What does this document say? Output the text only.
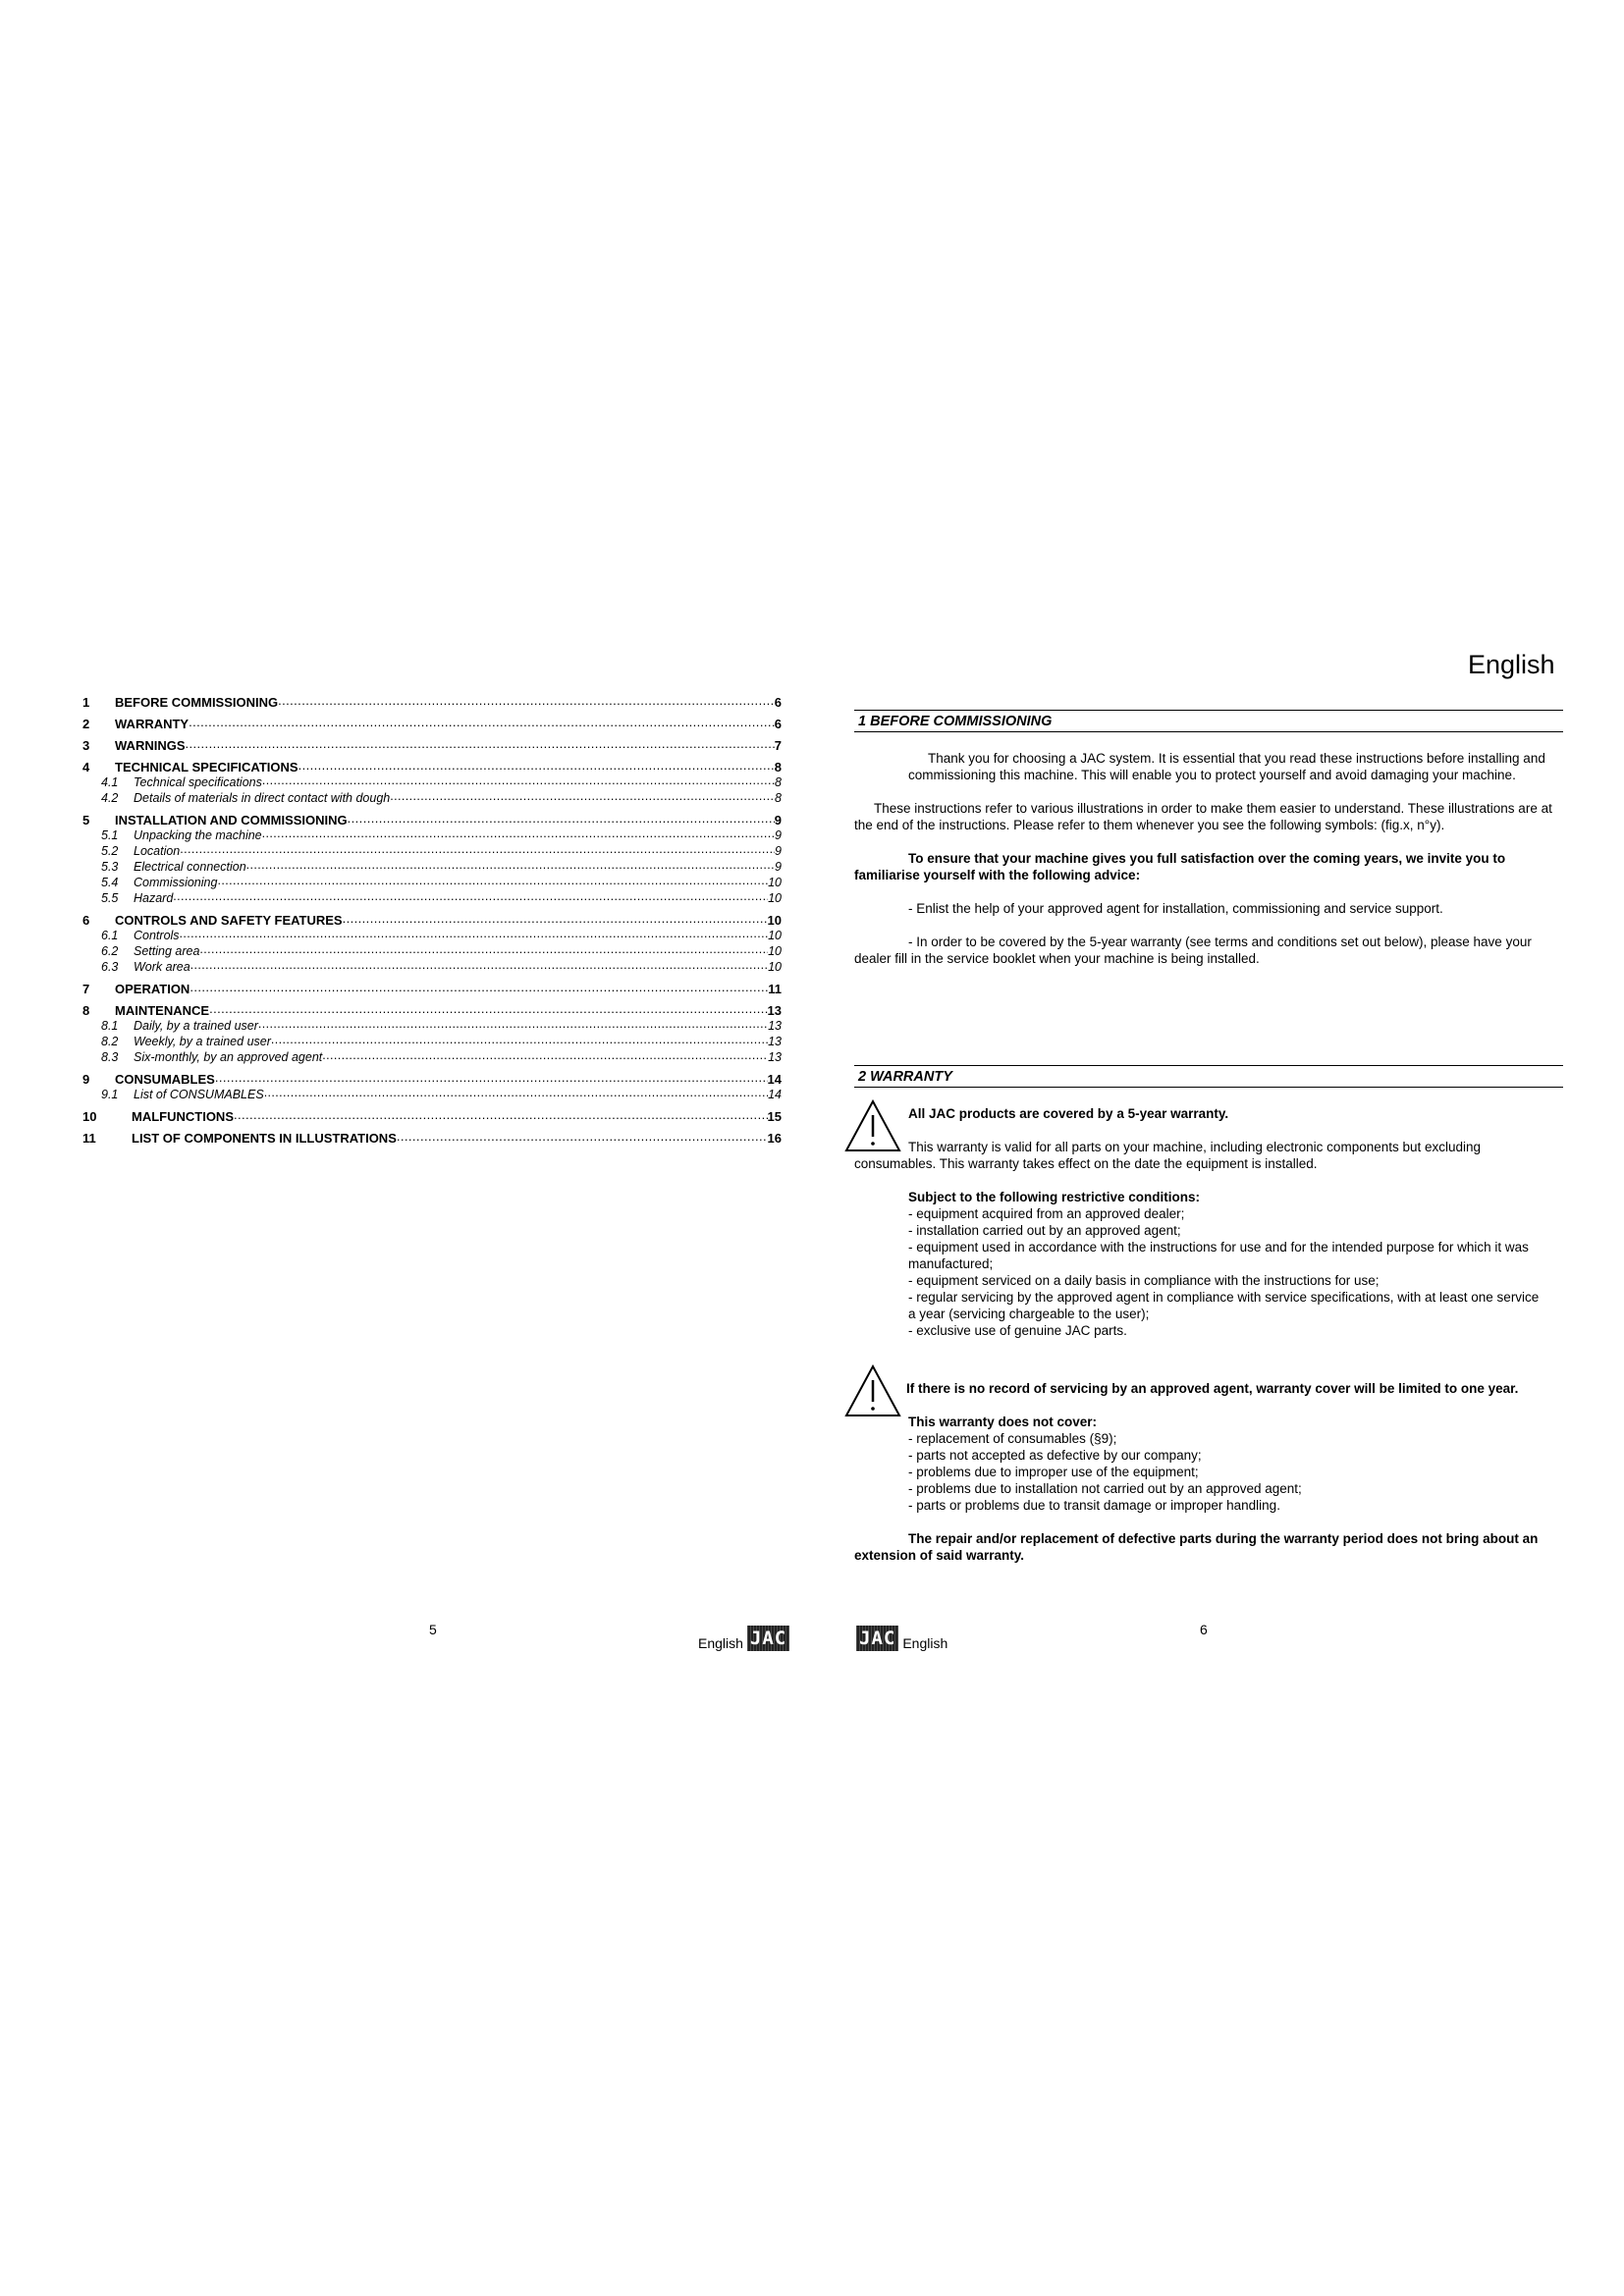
1	BEFORE COMMISSIONING .....	6
2	WARRANTY .....	6
3	WARNINGS .....	7
4	TECHNICAL SPECIFICATIONS .....	8
4.1	Technical specifications .....	8
4.2	Details of materials in direct contact with dough .....	8
5	INSTALLATION AND COMMISSIONING .....	9
5.1	Unpacking the machine .....	9
5.2	Location .....	9
5.3	Electrical connection .....	9
5.4	Commissioning .....	10
5.5	Hazard .....	10
6	CONTROLS AND SAFETY FEATURES .....	10
6.1	Controls .....	10
6.2	Setting area .....	10
6.3	Work area .....	10
7	OPERATION .....	11
8	MAINTENANCE .....	13
8.1	Daily, by a trained user .....	13
8.2	Weekly, by a trained user .....	13
8.3	Six-monthly, by an approved agent .....	13
9	CONSUMABLES .....	14
9.1	List of CONSUMABLES .....	14
10	MALFUNCTIONS .....	15
11	LIST OF COMPONENTS IN ILLUSTRATIONS .....	16
5
English JAC
English
1 BEFORE COMMISSIONING

Thank you for choosing a JAC system. It is essential that you read these instructions before installing and commissioning this machine. This will enable you to protect yourself and avoid damaging your machine.

These instructions refer to various illustrations in order to make them easier to understand. These illustrations are at the end of the instructions. Please refer to them whenever you see the following symbols: (fig.x, n°y).

To ensure that your machine gives you full satisfaction over the coming years, we invite you to familiarise yourself with the following advice:

- Enlist the help of your approved agent for installation, commissioning and service support.

- In order to be covered by the 5-year warranty (see terms and conditions set out below), please have your dealer fill in the service booklet when your machine is being installed.

2 WARRANTY

All JAC products are covered by a 5-year warranty.

This warranty is valid for all parts on your machine, including electronic components but excluding consumables. This warranty takes effect on the date the equipment is installed.

Subject to the following restrictive conditions:

- equipment acquired from an approved dealer;
- installation carried out by an approved agent;
- equipment used in accordance with the instructions for use and for the intended purpose for which it was manufactured;
- equipment serviced on a daily basis in compliance with the instructions for use;
- regular servicing by the approved agent in compliance with service specifications, with at least one service a year (servicing chargeable to the user);
- exclusive use of genuine JAC parts.

If there is no record of servicing by an approved agent, warranty cover will be limited to one year.

This warranty does not cover:

- replacement of consumables (§9);
- parts not accepted as defective by our company;
- problems due to improper use of the equipment;
- problems due to installation not carried out by an approved agent;
- parts or problems due to transit damage or improper handling.

The repair and/or replacement of defective parts during the warranty period does not bring about an extension of said warranty.

JAC English
6
